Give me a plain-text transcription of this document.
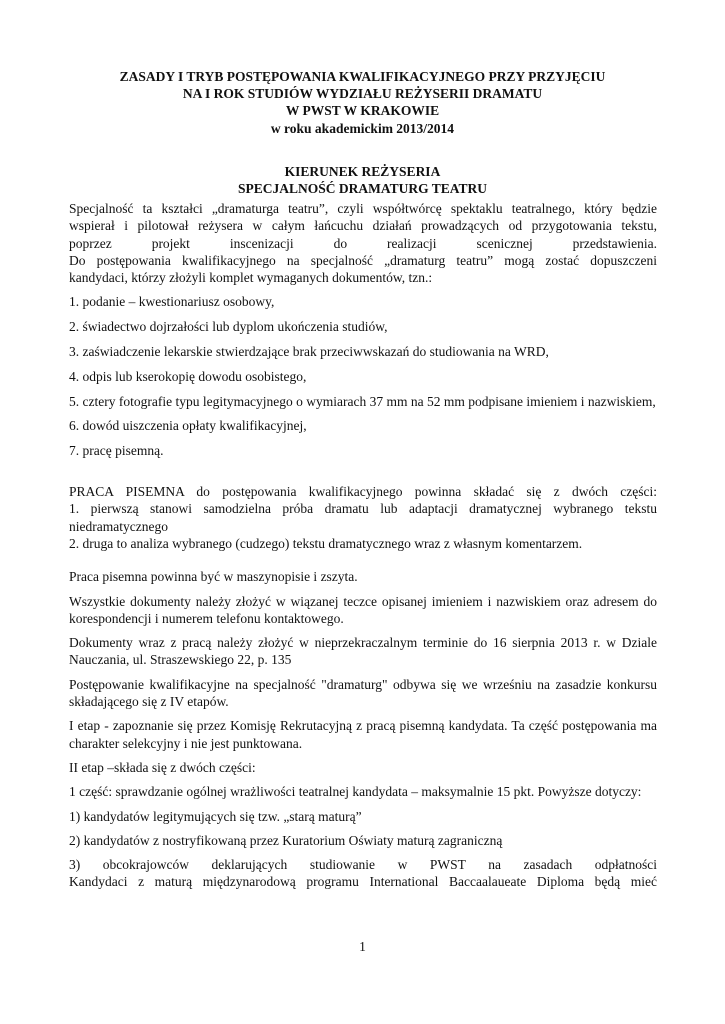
ZASADY I TRYB POSTĘPOWANIA KWALIFIKACYJNEGO PRZY PRZYJĘCIU
NA I ROK STUDIÓW WYDZIAŁU REŻYSERII DRAMATU
W PWST W KRAKOWIE
w roku akademickim 2013/2014
KIERUNEK REŻYSERIA
SPECJALNOŚĆ DRAMATURG TEATRU
Specjalność ta kształci „dramaturga teatru”, czyli współtwórcę spektaklu teatralnego, który będzie
wspierał i pilotował reżysera w całym łańcuchu działań prowadzących od przygotowania tekstu,
poprzez projekt inscenizacji do realizacji scenicznej przedstawienia.
Do postępowania kwalifikacyjnego na specjalność „dramaturg teatru” mogą zostać dopuszczeni
kandydaci, którzy złożyli komplet wymaganych dokumentów, tzn.:
1. podanie – kwestionariusz osobowy,
2. świadectwo dojrzałości lub dyplom ukończenia studiów,
3. zaświadczenie lekarskie stwierdzające brak przeciwwskazań do studiowania na WRD,
4. odpis lub kserokopię dowodu osobistego,
5. cztery fotografie typu legitymacyjnego o wymiarach 37 mm na 52 mm podpisane imieniem i nazwiskiem,
6. dowód uiszczenia opłaty kwalifikacyjnej,
7. pracę pisemną.
PRACA PISEMNA do postępowania kwalifikacyjnego powinna składać się z dwóch części:
1. pierwszą stanowi samodzielna próba dramatu lub adaptacji dramatycznej wybranego tekstu niedramatycznego
2. druga to analiza wybranego (cudzego) tekstu dramatycznego wraz z własnym komentarzem.
Praca pisemna powinna być w maszynopisie i zszyta.
Wszystkie dokumenty należy złożyć w wiązanej teczce opisanej imieniem i nazwiskiem oraz adresem do korespondencji i numerem telefonu kontaktowego.
Dokumenty wraz z pracą należy złożyć w nieprzekraczalnym terminie do 16 sierpnia 2013 r. w Dziale Nauczania, ul. Straszewskiego 22, p. 135
Postępowanie kwalifikacyjne na specjalność "dramaturg" odbywa się we wrześniu na zasadzie konkursu składającego się z IV etapów.
I etap - zapoznanie się przez Komisję Rekrutacyjną z pracą pisemną kandydata. Ta część postępowania ma charakter selekcyjny i nie jest punktowana.
II etap –składa się z dwóch części:
1 część: sprawdzanie ogólnej wrażliwości teatralnej kandydata – maksymalnie 15 pkt. Powyższe dotyczy:
1) kandydatów legitymujących się tzw. „starą maturą”
2) kandydatów z nostryfikowaną przez Kuratorium Oświaty maturą zagraniczną
3) obcokrajowców deklarujących studiowanie w PWST na zasadach odpłatności
Kandydaci z maturą międzynarodową programu International Baccaalaueate Diploma będą mieć
1
